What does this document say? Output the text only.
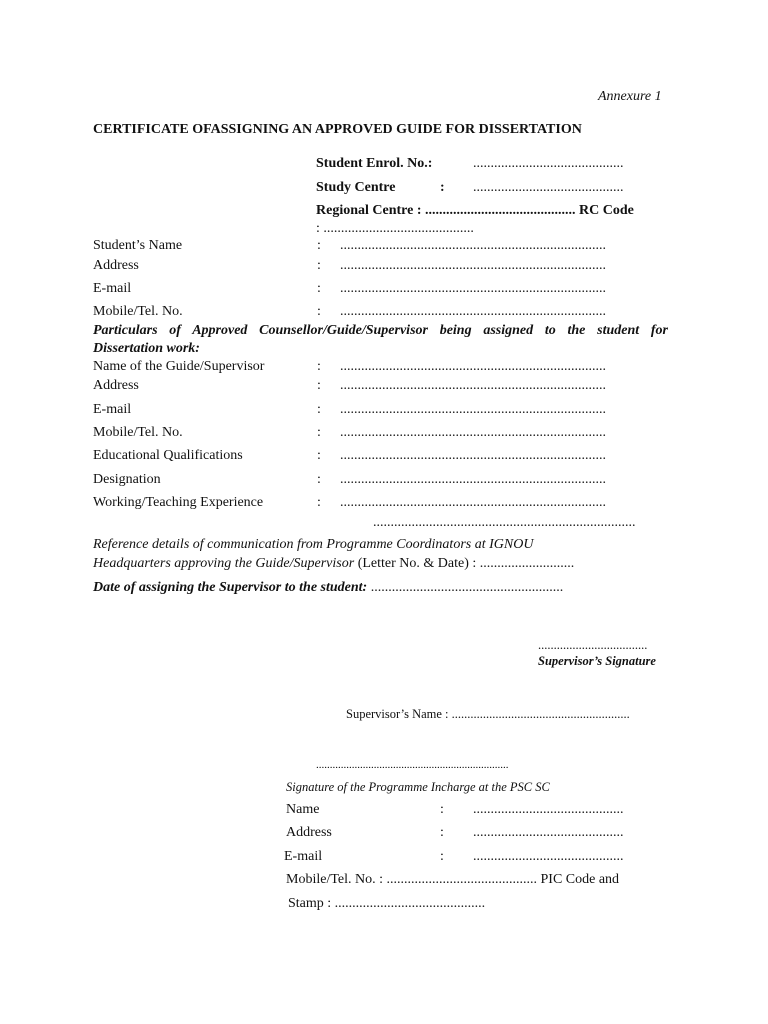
Annexure 1
CERTIFICATE OFASSIGNING AN APPROVED GUIDE FOR DISSERTATION
Student Enrol. No.:	...........................................
Study Centre	: ...........................................
Regional Centre : ........................................... RC Code
: ...........................................
Student’s Name	: ............................................................................
Address	: ............................................................................
E-mail	: ............................................................................
Mobile/Tel. No.	: ............................................................................
Particulars of Approved Counsellor/Guide/Supervisor being assigned to the student for
Dissertation work:
Name of the Guide/Supervisor	: ............................................................................
Address	: ............................................................................
E-mail	: ............................................................................
Mobile/Tel. No.	: ............................................................................
Educational Qualifications	: ............................................................................
Designation	: ............................................................................
Working/Teaching Experience	: ............................................................................
...........................................................................
Reference details of communication from Programme Coordinators at IGNOU
Headquarters approving the Guide/Supervisor (Letter No. & Date) : ...........................
Date of assigning the Supervisor to the student: .......................................................
...................................
Supervisor’s Signature
Supervisor’s Name : .........................................................
......................................................................
Signature of the Programme Incharge at the PSC SC
Name	: ...........................................
Address	: ...........................................
E-mail	: ...........................................
Mobile/Tel. No. : ........................................... PIC Code and
Stamp : ...........................................
